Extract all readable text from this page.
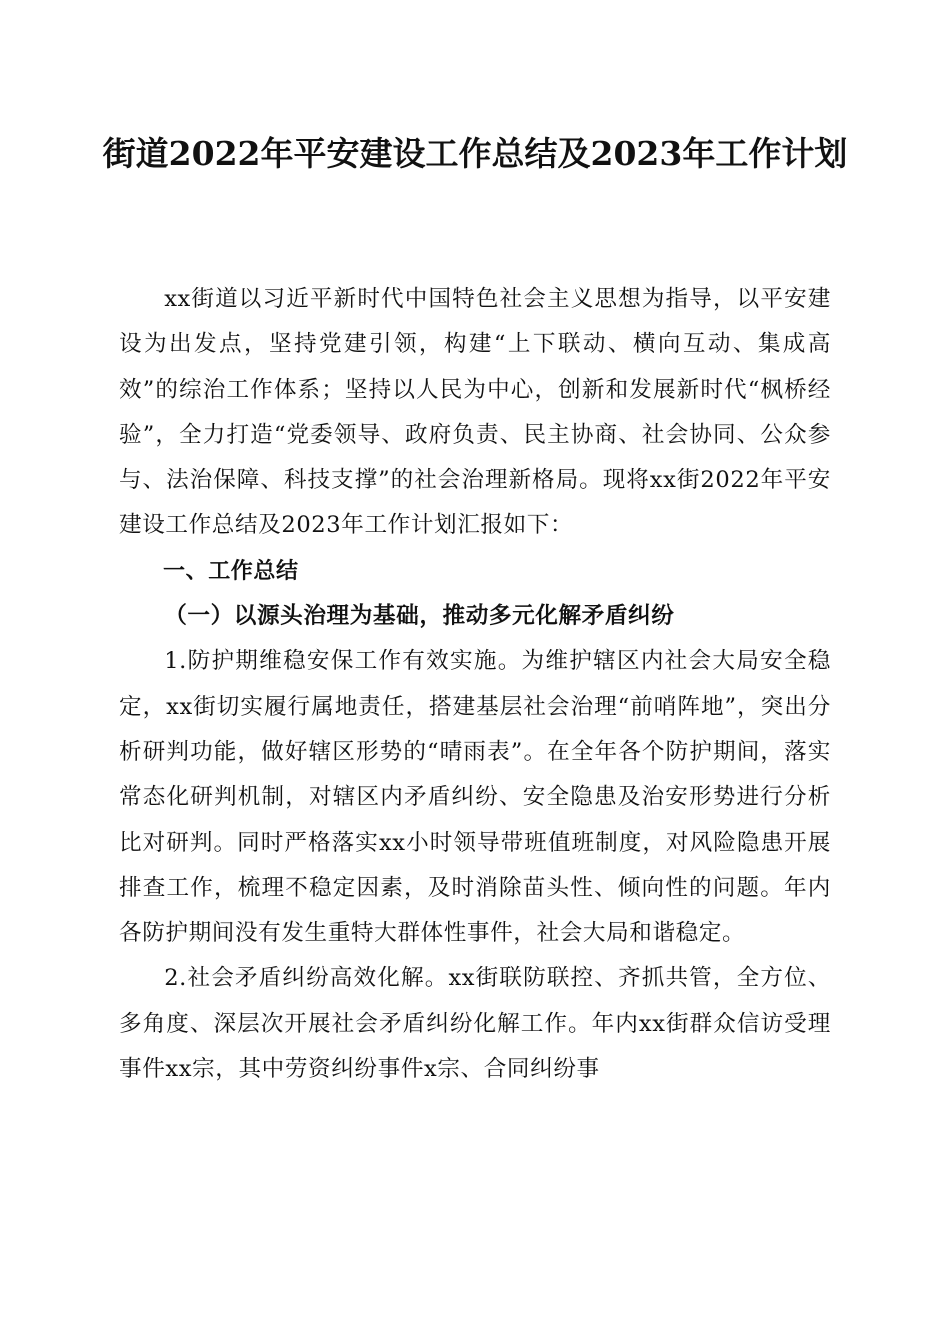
街道2022年平安建设工作总结及2023年工作计划

xx街道以习近平新时代中国特色社会主义思想为指导，以平安建设为出发点，坚持党建引领，构建“上下联动、横向互动、集成高效”的综治工作体系；坚持以人民为中心，创新和发展新时代“枫桥经验”，全力打造“党委领导、政府负责、民主协商、社会协同、公众参与、法治保障、科技支撑”的社会治理新格局。现将xx街2022年平安建设工作总结及2023年工作计划汇报如下：

一、工作总结

（一）以源头治理为基础，推动多元化解矛盾纠纷

1.防护期维稳安保工作有效实施。为维护辖区内社会大局安全稳定，xx街切实履行属地责任，搭建基层社会治理“前哨阵地”，突出分析研判功能，做好辖区形势的“晴雨表”。在全年各个防护期间，落实常态化研判机制，对辖区内矛盾纠纷、安全隐患及治安形势进行分析比对研判。同时严格落实xx小时领导带班值班制度，对风险隐患开展排查工作，梳理不稳定因素，及时消除苗头性、倾向性的问题。年内各防护期间没有发生重特大群体性事件，社会大局和谐稳定。

2.社会矛盾纠纷高效化解。xx街联防联控、齐抓共管，全方位、多角度、深层次开展社会矛盾纠纷化解工作。年内xx街群众信访受理事件xx宗，其中劳资纠纷事件x宗、合同纠纷事
